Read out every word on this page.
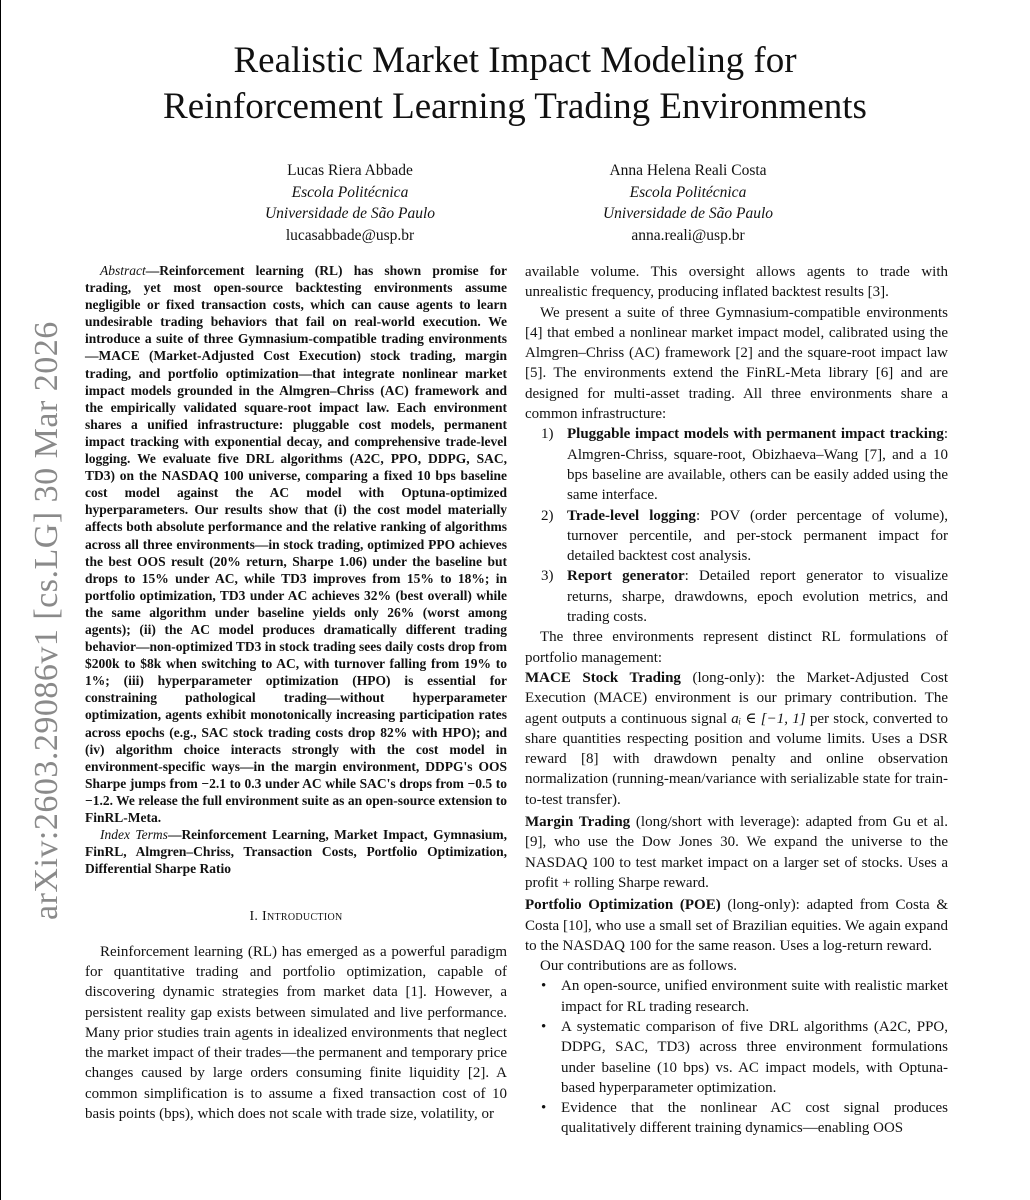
arXiv:2603.29086v1 [cs.LG] 30 Mar 2026
Realistic Market Impact Modeling for
Reinforcement Learning Trading Environments
Lucas Riera Abbade
Escola Politécnica
Universidade de São Paulo
lucasabbade@usp.br
Anna Helena Reali Costa
Escola Politécnica
Universidade de São Paulo
anna.reali@usp.br
Abstract—Reinforcement learning (RL) has shown promise for trading, yet most open-source backtesting environments assume negligible or fixed transaction costs, which can cause agents to learn undesirable trading behaviors that fail on real-world execution. We introduce a suite of three Gymnasium-compatible trading environments—MACE (Market-Adjusted Cost Execution) stock trading, margin trading, and portfolio optimization—that integrate nonlinear market impact models grounded in the Almgren–Chriss (AC) framework and the empirically validated square-root impact law. Each environment shares a unified infrastructure: pluggable cost models, permanent impact tracking with exponential decay, and comprehensive trade-level logging. We evaluate five DRL algorithms (A2C, PPO, DDPG, SAC, TD3) on the NASDAQ 100 universe, comparing a fixed 10 bps baseline cost model against the AC model with Optuna-optimized hyperparameters. Our results show that (i) the cost model materially affects both absolute performance and the relative ranking of algorithms across all three environments—in stock trading, optimized PPO achieves the best OOS result (20% return, Sharpe 1.06) under the baseline but drops to 15% under AC, while TD3 improves from 15% to 18%; in portfolio optimization, TD3 under AC achieves 32% (best overall) while the same algorithm under baseline yields only 26% (worst among agents); (ii) the AC model produces dramatically different trading behavior—non-optimized TD3 in stock trading sees daily costs drop from $200k to $8k when switching to AC, with turnover falling from 19% to 1%; (iii) hyperparameter optimization (HPO) is essential for constraining pathological trading—without hyperparameter optimization, agents exhibit monotonically increasing participation rates across epochs (e.g., SAC stock trading costs drop 82% with HPO); and (iv) algorithm choice interacts strongly with the cost model in environment-specific ways—in the margin environment, DDPG's OOS Sharpe jumps from −2.1 to 0.3 under AC while SAC's drops from −0.5 to −1.2. We release the full environment suite as an open-source extension to FinRL-Meta.
Index Terms—Reinforcement Learning, Market Impact, Gymnasium, FinRL, Almgren–Chriss, Transaction Costs, Portfolio Optimization, Differential Sharpe Ratio
I. Introduction

Reinforcement learning (RL) has emerged as a powerful paradigm for quantitative trading and portfolio optimization, capable of discovering dynamic strategies from market data [1]. However, a persistent reality gap exists between simulated and live performance. Many prior studies train agents in idealized environments that neglect the market impact of their trades—the permanent and temporary price changes caused by large orders consuming finite liquidity [2]. A common simplification is to assume a fixed transaction cost of 10 basis points (bps), which does not scale with trade size, volatility, or

available volume. This oversight allows agents to trade with unrealistic frequency, producing inflated backtest results [3].

We present a suite of three Gymnasium-compatible environments [4] that embed a nonlinear market impact model, calibrated using the Almgren–Chriss (AC) framework [2] and the square-root impact law [5]. The environments extend the FinRL-Meta library [6] and are designed for multi-asset trading. All three environments share a common infrastructure:

1) Pluggable impact models with permanent impact tracking: Almgren-Chriss, square-root, Obizhaeva–Wang [7], and a 10 bps baseline are available, others can be easily added using the same interface.
2) Trade-level logging: POV (order percentage of volume), turnover percentile, and per-stock permanent impact for detailed backtest cost analysis.
3) Report generator: Detailed report generator to visualize returns, sharpe, drawdowns, epoch evolution metrics, and trading costs.

The three environments represent distinct RL formulations of portfolio management:

MACE Stock Trading (long-only): the Market-Adjusted Cost Execution (MACE) environment is our primary contribution. The agent outputs a continuous signal aᵢ ∈ [−1, 1] per stock, converted to share quantities respecting position and volume limits. Uses a DSR reward [8] with drawdown penalty and online observation normalization (running-mean/variance with serializable state for train-to-test transfer).

Margin Trading (long/short with leverage): adapted from Gu et al. [9], who use the Dow Jones 30. We expand the universe to the NASDAQ 100 to test market impact on a larger set of stocks. Uses a profit + rolling Sharpe reward.

Portfolio Optimization (POE) (long-only): adapted from Costa & Costa [10], who use a small set of Brazilian equities. We again expand to the NASDAQ 100 for the same reason. Uses a log-return reward.

Our contributions are as follows.

• An open-source, unified environment suite with realistic market impact for RL trading research.
• A systematic comparison of five DRL algorithms (A2C, PPO, DDPG, SAC, TD3) across three environment formulations under baseline (10 bps) vs. AC impact models, with Optuna-based hyperparameter optimization.
• Evidence that the nonlinear AC cost signal produces qualitatively different training dynamics—enabling OOS
